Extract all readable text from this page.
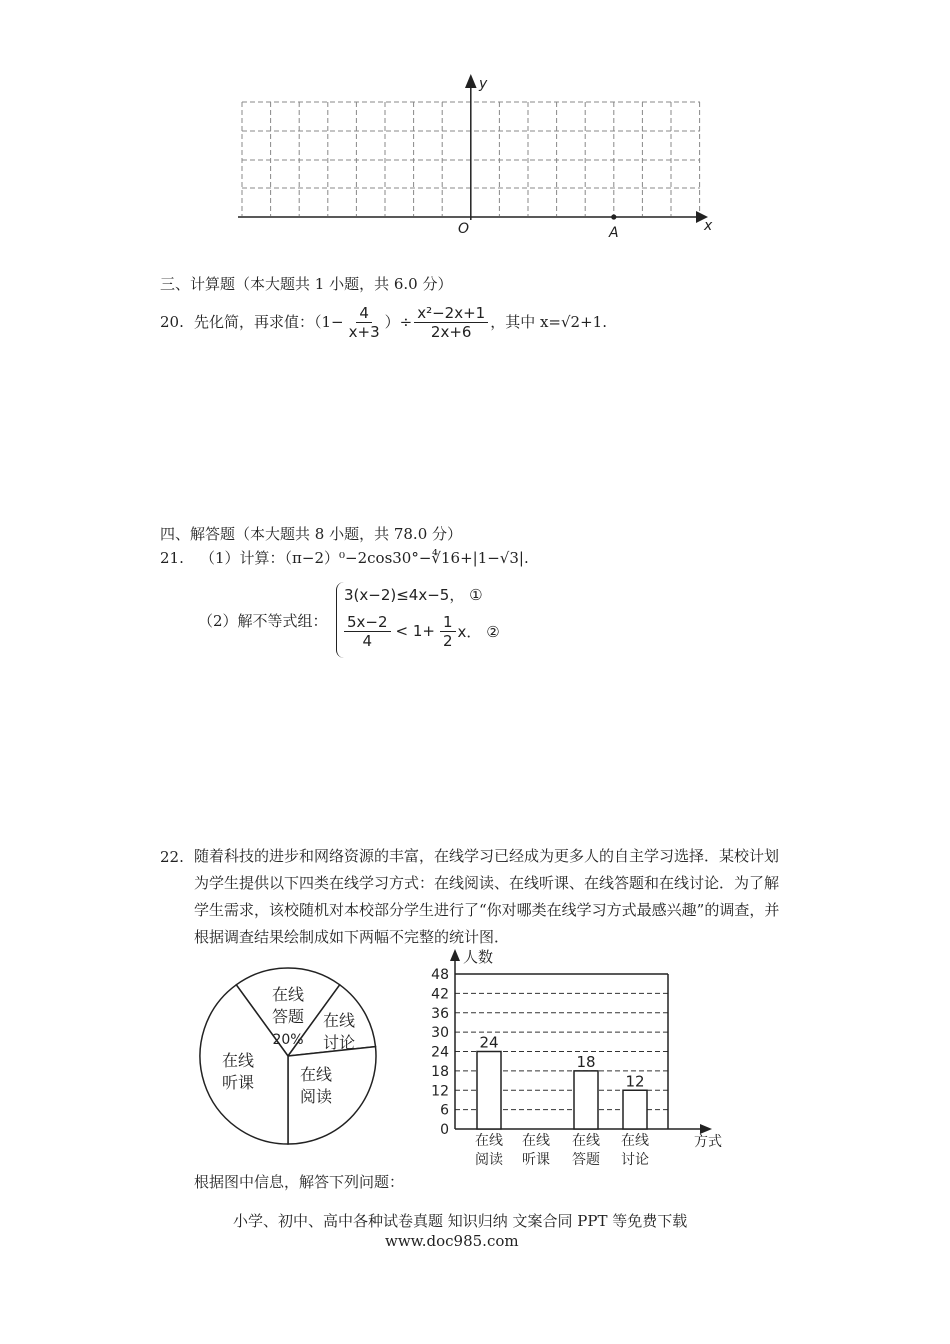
y
x
O	A
三、计算题（本大题共 1 小题，共 6.0 分）
20. 先化简，再求值：（$1- \frac{4}{x+3}$ ）÷ $\frac{\text{x²−2x+1}}{2x+6}$ ，其中 x=√2+1.
四、解答题（本大题共 8 小题，共 78.0 分）
21. （1）计算：（π−2）⁰−2cos30°−∜16+|1−√3|.
（2）解不等式组：
3(x−2)≤4x−5， ①
$\frac{5x-2}{4} < 1+ \frac{1}{2}$ x． ②
22. 随着科技的进步和网络资源的丰富，在线学习已经成为更多人的自主学习选择．某校计划为学生提供以下四类在线学习方式：在线阅读、在线听课、在线答题和在线讨论．为了解学生需求，该校随机对本校部分学生进行了“你对哪类在线学习方式最感兴趣”的调查，并根据调查结果绘制成如下两幅不完整的统计图．
在线
答题
20%
在线
讨论
在线
阅读
在线
听课
0
6
12
18
24
30
36
42
48
24
18
12
在线
阅读
在线
听课
在线
答题
在线
讨论
人数
方式
根据图中信息，解答下列问题：
小学、初中、高中各种试卷真题 知识归纳 文案合同 PPT 等免费下载
www.doc985.com
